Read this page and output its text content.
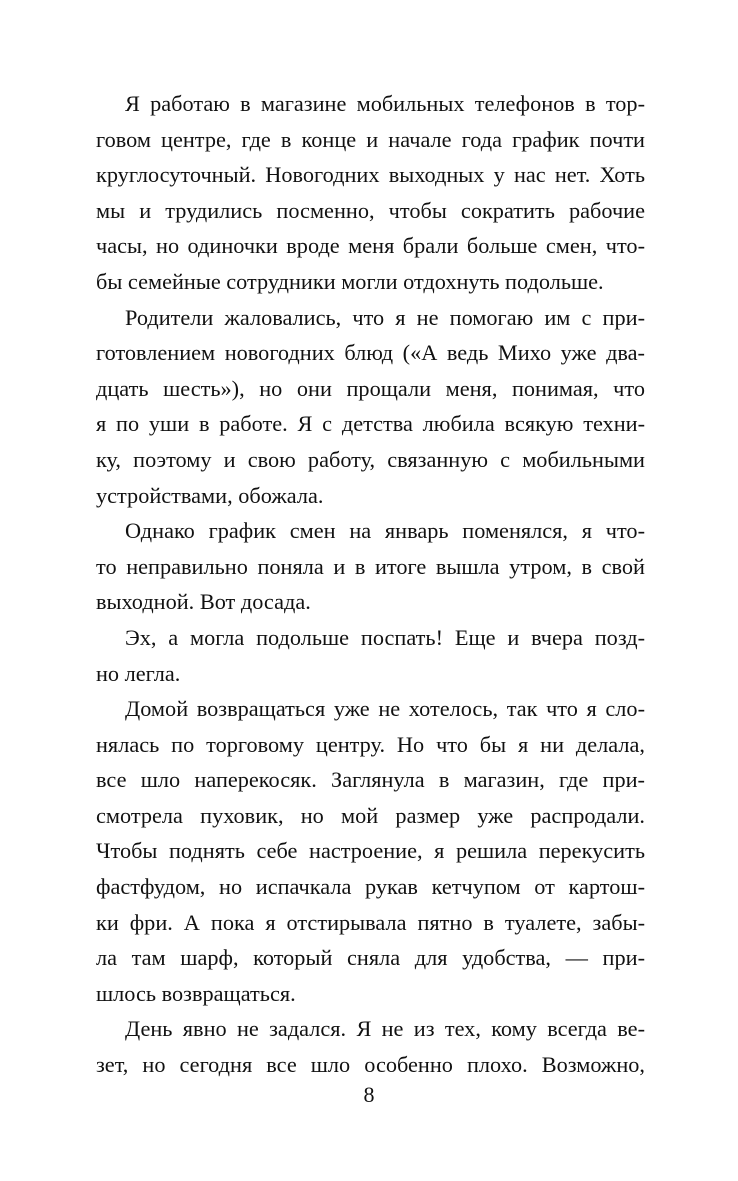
Я работаю в магазине мобильных телефонов в тор-
говом центре, где в конце и начале года график почти
круглосуточный. Новогодних выходных у нас нет. Хоть
мы и трудились посменно, чтобы сократить рабочие
часы, но одиночки вроде меня брали больше смен, что-
бы семейные сотрудники могли отдохнуть подольше.
Родители жаловались, что я не помогаю им с при-
готовлением новогодних блюд («А ведь Михо уже два-
дцать шесть»), но они прощали меня, понимая, что
я по уши в работе. Я с детства любила всякую техни-
ку, поэтому и свою работу, связанную с мобильными
устройствами, обожала.
Однако график смен на январь поменялся, я что-
то неправильно поняла и в итоге вышла утром, в свой
выходной. Вот досада.
Эх, а могла подольше поспать! Еще и вчера позд-
но легла.
Домой возвращаться уже не хотелось, так что я сло-
нялась по торговому центру. Но что бы я ни делала,
все шло наперекосяк. Заглянула в магазин, где при-
смотрела пуховик, но мой размер уже распродали.
Чтобы поднять себе настроение, я решила перекусить
фастфудом, но испачкала рукав кетчупом от картош-
ки фри. А пока я отстирывала пятно в туалете, забы-
ла там шарф, который сняла для удобства, — при-
шлось возвращаться.
День явно не задался. Я не из тех, кому всегда ве-
зет, но сегодня все шло особенно плохо. Возможно,
8
